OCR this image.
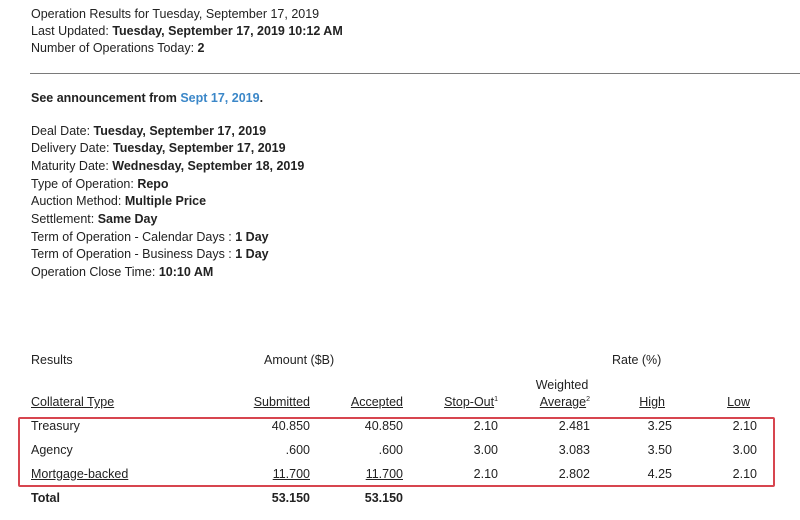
Operation Results for Tuesday, September 17, 2019
Last Updated: Tuesday, September 17, 2019 10:12 AM
Number of Operations Today: 2
See announcement from Sept 17, 2019.
Deal Date: Tuesday, September 17, 2019
Delivery Date: Tuesday, September 17, 2019
Maturity Date: Wednesday, September 18, 2019
Type of Operation: Repo
Auction Method: Multiple Price
Settlement: Same Day
Term of Operation - Calendar Days : 1 Day
Term of Operation - Business Days : 1 Day
Operation Close Time: 10:10 AM
Results	Amount ($B)	Rate (%)
Weighted
Collateral Type	Submitted	Accepted	Stop-Out$^1$	Average$^2$	High	Low
Treasury	40.850	40.850	2.10	2.481	3.25	2.10
Agency	.600	.600	3.00	3.083	3.50	3.00
Mortgage-backed	11.700	11.700	2.10	2.802	4.25	2.10
Total	53.150	53.150
